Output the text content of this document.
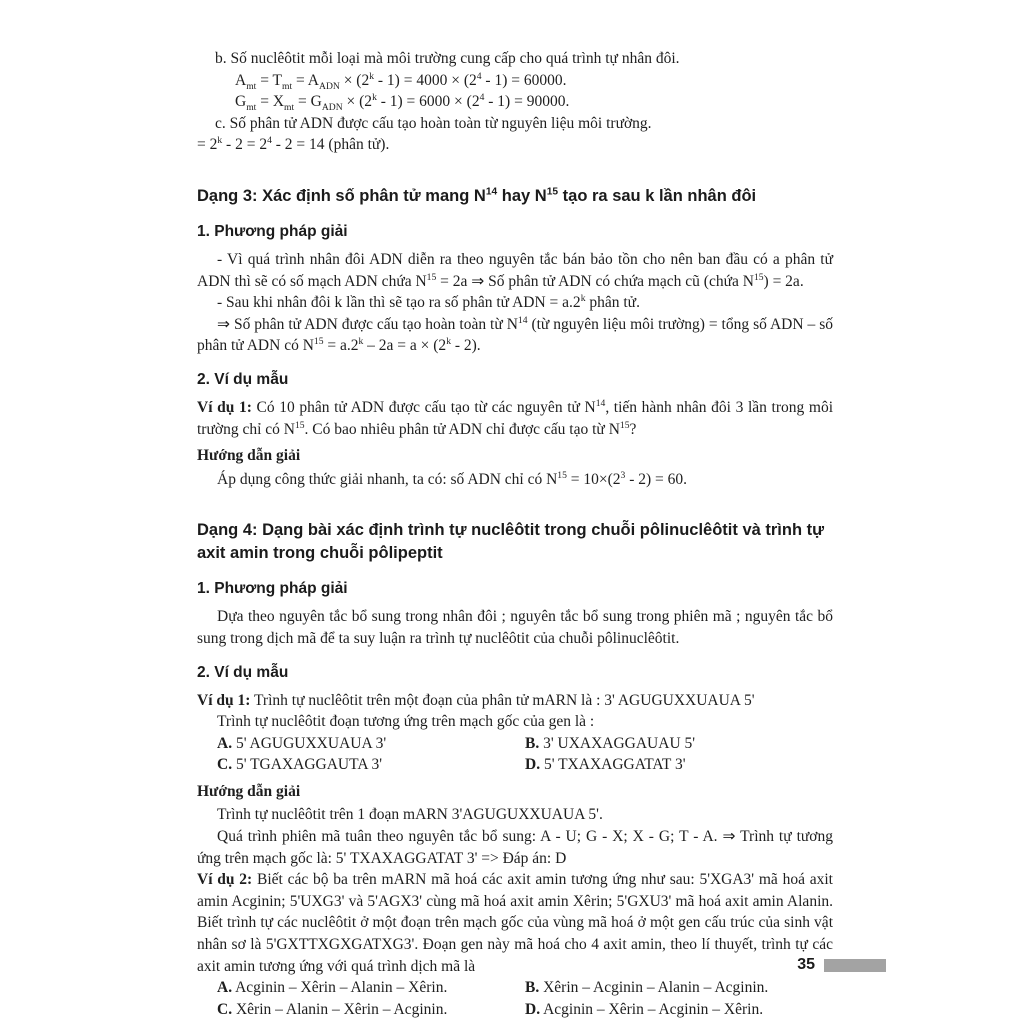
b. Số nuclêôtit mỗi loại mà môi trường cung cấp cho quá trình tự nhân đôi.

$A_{mt} = T_{mt} = A_{ADN} \times (2^k - 1) = 4000 \times (2^4 - 1) = 60000$.

$G_{mt} = X_{mt} = G_{ADN} \times (2^k - 1) = 6000 \times (2^4 - 1) = 90000$.

c. Số phân tử ADN được cấu tạo hoàn toàn từ nguyên liệu môi trường.

= $2^k - 2 = 2^4 - 2 = 14$ (phân tử).

Dạng 3: Xác định số phân tử mang $N^{14}$ hay $N^{15}$ tạo ra sau k lần nhân đôi
1. Phương pháp giải

- Vì quá trình nhân đôi ADN diễn ra theo nguyên tắc bán bảo tồn cho nên ban đầu có a phân tử ADN thì sẽ có số mạch ADN chứa $N^{15} = 2a$ ⇒ Số phân tử ADN có chứa mạch cũ (chứa $N^{15}) = 2a$.

- Sau khi nhân đôi k lần thì sẽ tạo ra số phân tử ADN = $a.2^k$ phân tử.

⇒ Số phân tử ADN được cấu tạo hoàn toàn từ $N^{14}$ (từ nguyên liệu môi trường) = tổng số ADN – số phân tử ADN có $N^{15} = a.2^k - 2a = a \times (2^k - 2)$.

2. Ví dụ mẫu

Ví dụ 1: Có 10 phân tử ADN được cấu tạo từ các nguyên tử $N^{14}$, tiến hành nhân đôi 3 lần trong môi trường chỉ có $N^{15}$. Có bao nhiêu phân tử ADN chỉ được cấu tạo từ $N^{15}$?

Hướng dẫn giải

Áp dụng công thức giải nhanh, ta có: số ADN chỉ có $N^{15} = 10\times(2^3 - 2) = 60$.

Dạng 4: Dạng bài xác định trình tự nuclêôtit trong chuỗi pôlinuclêôtit và trình tự axit amin trong chuỗi pôlipeptit
1. Phương pháp giải

Dựa theo nguyên tắc bổ sung trong nhân đôi ; nguyên tắc bổ sung trong phiên mã ; nguyên tắc bổ sung trong dịch mã để ta suy luận ra trình tự nuclêôtit của chuỗi pôlinuclêôtit.

2. Ví dụ mẫu

Ví dụ 1: Trình tự nuclêôtit trên một đoạn của phân tử mARN là : 3' AGUGUXXUAUA 5'

Trình tự nuclêôtit đoạn tương ứng trên mạch gốc của gen là :

A. 5' AGUGUXXUAUA 3'	B. 3' UXAXAGGAUAU 5'

C. 5' TGAXAGGAUTA 3'	D. 5' TXAXAGGATAT 3'

Hướng dẫn giải

Trình tự nuclêôtit trên 1 đoạn mARN 3'AGUGUXXUAUA 5'.

Quá trình phiên mã tuân theo nguyên tắc bổ sung: A - U; G - X; X - G; T - A. ⇒ Trình tự tương ứng trên mạch gốc là: 5' TXAXAGGATAT 3' => Đáp án: D

Ví dụ 2: Biết các bộ ba trên mARN mã hoá các axit amin tương ứng như sau: 5'XGA3' mã hoá axit amin Acginin; 5'UXG3' và 5'AGX3' cùng mã hoá axit amin Xêrin; 5'GXU3' mã hoá axit amin Alanin. Biết trình tự các nuclêôtit ở một đoạn trên mạch gốc của vùng mã hoá ở một gen cấu trúc của sinh vật nhân sơ là 5'GXTTXGXGATXG3'. Đoạn gen này mã hoá cho 4 axit amin, theo lí thuyết, trình tự các axit amin tương ứng với quá trình dịch mã là

A. Acginin – Xêrin – Alanin – Xêrin.	B. Xêrin – Acginin – Alanin – Acginin.

C. Xêrin – Alanin – Xêrin – Acginin.	D. Acginin – Xêrin – Acginin – Xêrin.

35
